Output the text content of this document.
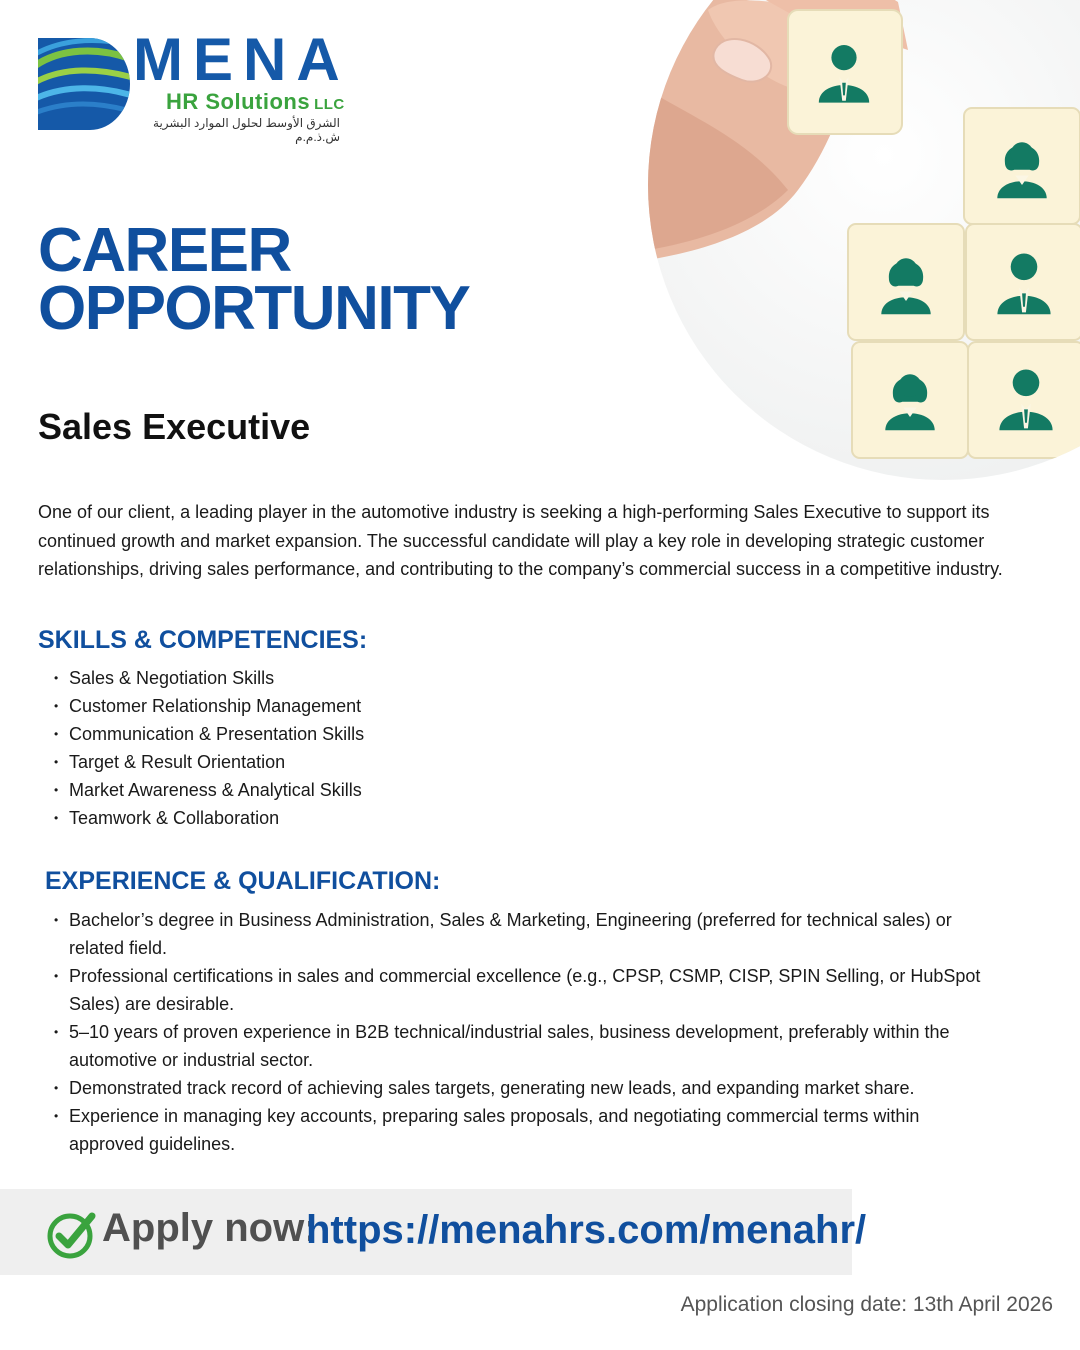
MENA
HR Solutions LLC
الشرق الأوسط لحلول الموارد البشرية ش.ذ.م.م
CAREER
OPPORTUNITY
Sales Executive

One of our client, a leading player in the automotive industry is seeking a high-performing Sales Executive to support its continued growth and market expansion. The successful candidate will play a key role in developing strategic customer relationships, driving sales performance, and contributing to the company’s commercial success in a competitive industry.

SKILLS & COMPETENCIES:
• Sales & Negotiation Skills
• Customer Relationship Management
• Communication & Presentation Skills
• Target & Result Orientation
• Market Awareness & Analytical Skills
• Teamwork & Collaboration
EXPERIENCE & QUALIFICATION:
• Bachelor’s degree in Business Administration, Sales & Marketing, Engineering (preferred for technical sales) or related field.
• Professional certifications in sales and commercial excellence (e.g., CPSP, CSMP, CISP, SPIN Selling, or HubSpot Sales) are desirable.
• 5–10 years of proven experience in B2B technical/industrial sales, business development, preferably within the automotive or industrial sector.
• Demonstrated track record of achieving sales targets, generating new leads, and expanding market share.
• Experience in managing key accounts, preparing sales proposals, and negotiating commercial terms within approved guidelines.
Apply now:
https://menahrs.com/menahr/
Application closing date: 13th April 2026
